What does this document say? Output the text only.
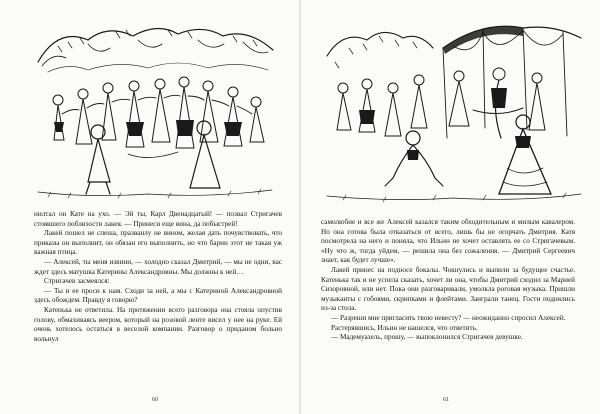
нилтал он Кате на ухо. — Эй ты, Карл Двенадцатый! — позвал Стригачев стоявшего поблизости лакея. — Принеси еще вина, да побыстрей!

Лакей пошел не спеша, празванлу не вином, желая дать почувствовать, что приказы он выполнит, он обязан его выполнить, но что барин этот не такая уж важная птица.

— Алексей, ты меня извини, — холодно сказал Дмитрий, — мы не одни, вас ждет здесь матушка Катерины Александровны. Мы должны к ней…

Стригачев засмеялся:

— Ты и ее проси к нам. Сходи за ней, а мы с Катериной Александровной здесь обождем. Правду я говорю?

Катенька не ответила. На протяжении всего разговора она стояла опустив голову, обмахиваясь веером, который на розовой ленте висел у нее на руке. Ей очень хотелось остаться в веселой компании. Разговор о приданом больно вольнул

60

самолюбие и все же Алексей казался таким обходительным и милым кавалером. Но она готова была отказаться от всего, лишь бы не огорчать Дмитрия. Катя посмотрела на него и поняла, что Ильин не хочет оставлять ее со Стригачевым. «Ну что ж, тогда уйдем, — решила она без сожаления. — Дмитрий Сергеевич знает, как будет лучше».

Лакей принес на подносе бокалы. Чокнулись и выпили за будущее счастье. Катенька так и не успела сказать, хочет ли она, чтобы Дмитрий сходил за Марией Сизоровной, или нет. Пока они разговаривали, умолкла роговая музыка. Пришли музыканты с гобоями, скрипками и флейтами. Заиграли танец. Гости поднялись из-за стола.

— Разреши мне пригласить твою невесту? — неожиданно спросил Алексей.

Растерявшись, Ильин не нашелся, что ответить.

— Мадемуазель, прошу, — выпоклонился Стригачев девушке.

61
